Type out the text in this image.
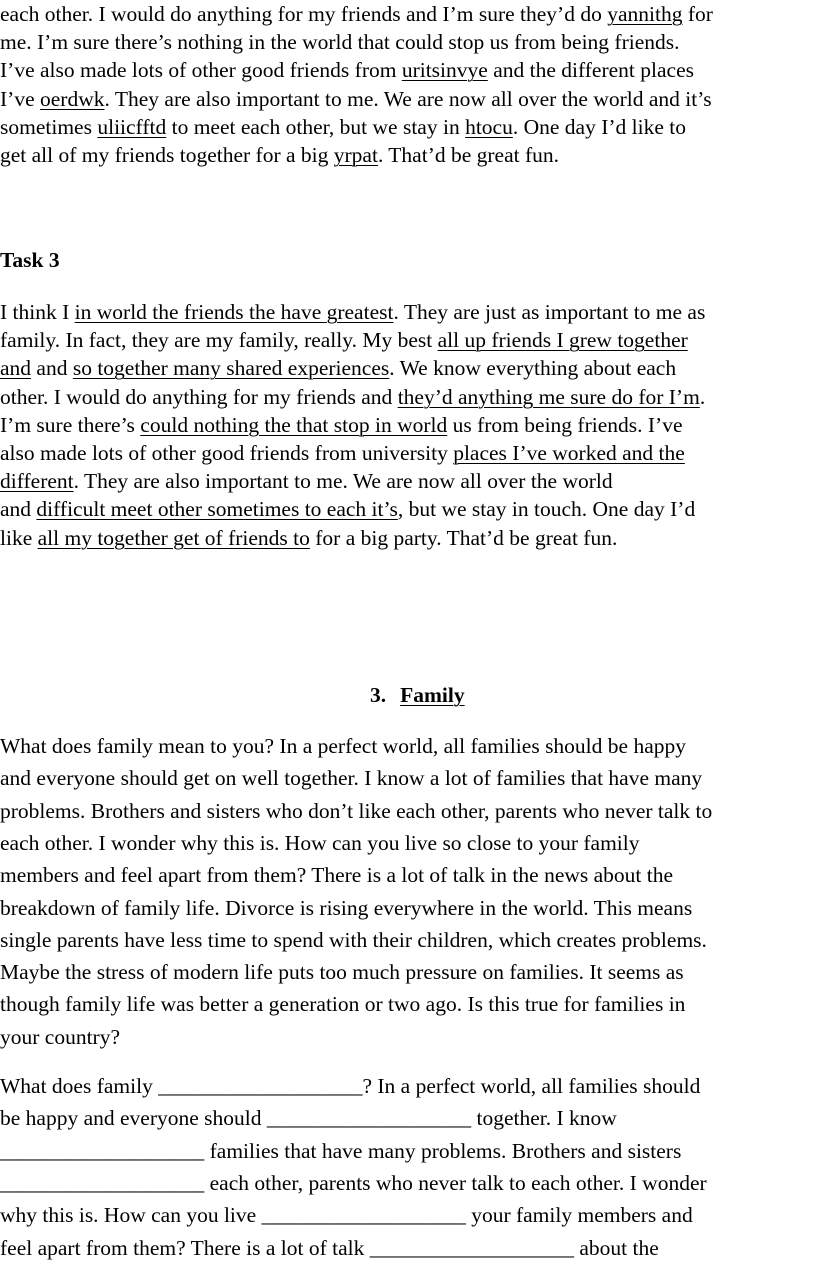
each other. I would do anything for my friends and I’m sure they’d do yannithg for
me. I’m sure there’s nothing in the world that could stop us from being friends.
I’ve also made lots of other good friends from uritsinvye and the different places
I’ve oerdwk. They are also important to me. We are now all over the world and it’s
sometimes uliicfftd to meet each other, but we stay in htocu. One day I’d like to
get all of my friends together for a big yrpat. That’d be great fun.
Task 3
I think I in world the friends the have greatest. They are just as important to me as
family. In fact, they are my family, really. My best all up friends I grew together
and and so together many shared experiences. We know everything about each
other. I would do anything for my friends and they’d anything me sure do for I’m.
I’m sure there’s could nothing the that stop in world us from being friends. I’ve
also made lots of other good friends from university places I’ve worked and the
different. They are also important to me. We are now all over the world
and difficult meet other sometimes to each it’s, but we stay in touch. One day I’d
like all my together get of friends to for a big party. That’d be great fun.
3. Family
What does family mean to you? In a perfect world, all families should be happy
and everyone should get on well together. I know a lot of families that have many
problems. Brothers and sisters who don’t like each other, parents who never talk to
each other. I wonder why this is. How can you live so close to your family
members and feel apart from them? There is a lot of talk in the news about the
breakdown of family life. Divorce is rising everywhere in the world. This means
single parents have less time to spend with their children, which creates problems.
Maybe the stress of modern life puts too much pressure on families. It seems as
though family life was better a generation or two ago. Is this true for families in
your country?
What does family ___________________? In a perfect world, all families should
be happy and everyone should ___________________ together. I know
___________________ families that have many problems. Brothers and sisters
___________________ each other, parents who never talk to each other. I wonder
why this is. How can you live ___________________ your family members and
feel apart from them? There is a lot of talk ___________________ about the
